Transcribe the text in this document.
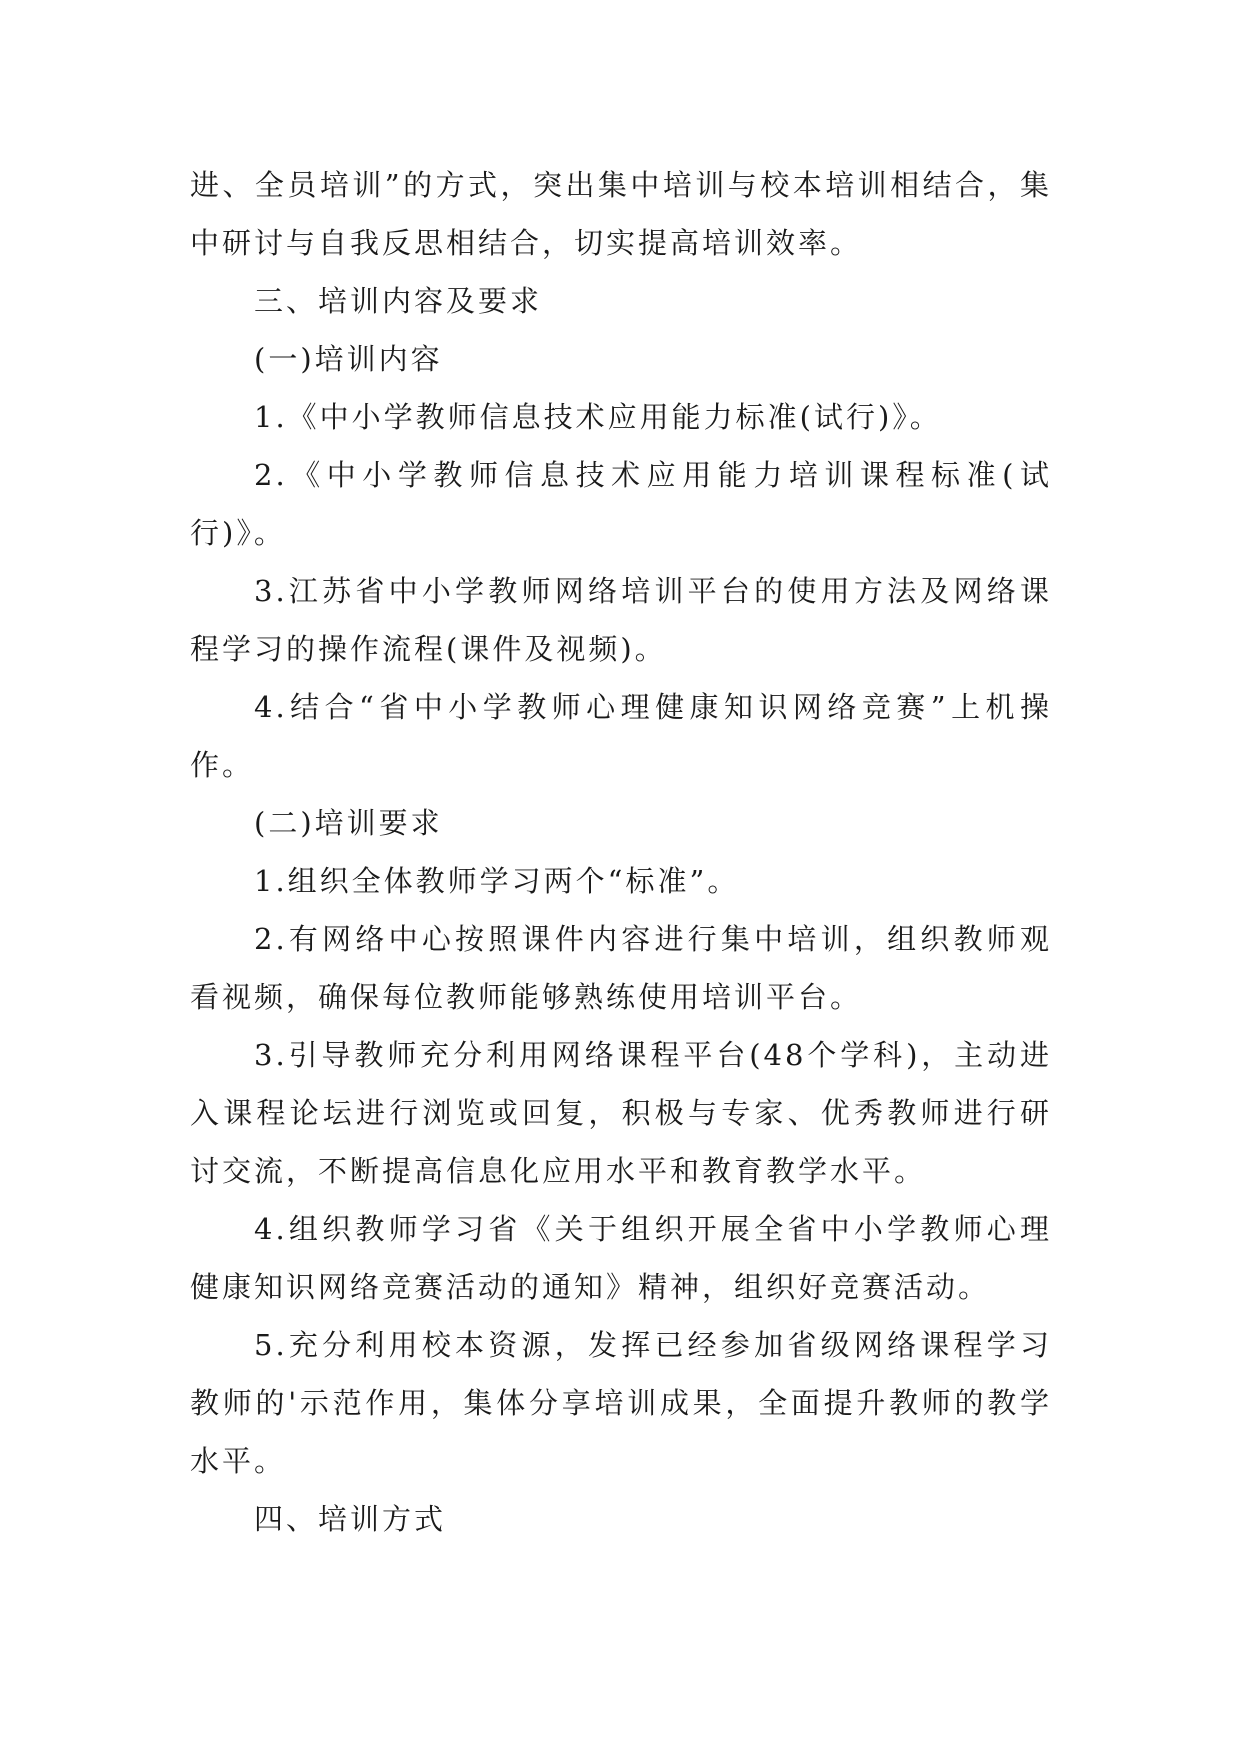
进、全员培训”的方式，突出集中培训与校本培训相结合，集中研讨与自我反思相结合，切实提高培训效率。

三、培训内容及要求

(一)培训内容

1.《中小学教师信息技术应用能力标准(试行)》。

2.《中小学教师信息技术应用能力培训课程标准(试行)》。

3.江苏省中小学教师网络培训平台的使用方法及网络课程学习的操作流程(课件及视频)。

4.结合“省中小学教师心理健康知识网络竞赛”上机操作。

(二)培训要求

1.组织全体教师学习两个“标准”。

2.有网络中心按照课件内容进行集中培训，组织教师观看视频，确保每位教师能够熟练使用培训平台。

3.引导教师充分利用网络课程平台(48个学科)，主动进入课程论坛进行浏览或回复，积极与专家、优秀教师进行研讨交流，不断提高信息化应用水平和教育教学水平。

4.组织教师学习省《关于组织开展全省中小学教师心理健康知识网络竞赛活动的通知》精神，组织好竞赛活动。

5.充分利用校本资源，发挥已经参加省级网络课程学习教师的'示范作用，集体分享培训成果，全面提升教师的教学水平。

四、培训方式
